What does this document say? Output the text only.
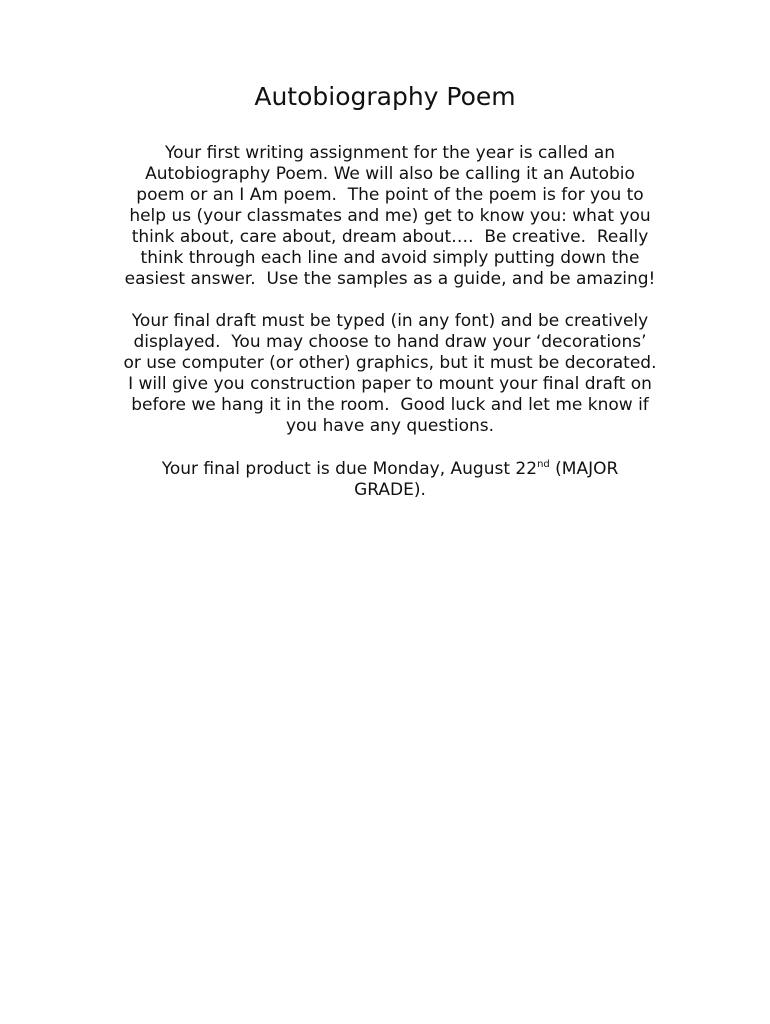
Autobiography Poem

Your first writing assignment for the year is called an
Autobiography Poem. We will also be calling it an Autobio
poem or an I Am poem.  The point of the poem is for you to
help us (your classmates and me) get to know you: what you
think about, care about, dream about….  Be creative.  Really
think through each line and avoid simply putting down the
easiest answer.  Use the samples as a guide, and be amazing!

Your final draft must be typed (in any font) and be creatively
displayed.  You may choose to hand draw your ‘decorations’
or use computer (or other) graphics, but it must be decorated.
I will give you construction paper to mount your final draft on
before we hang it in the room.  Good luck and let me know if
you have any questions.

Your final product is due Monday, August 22nd (MAJOR
GRADE).
